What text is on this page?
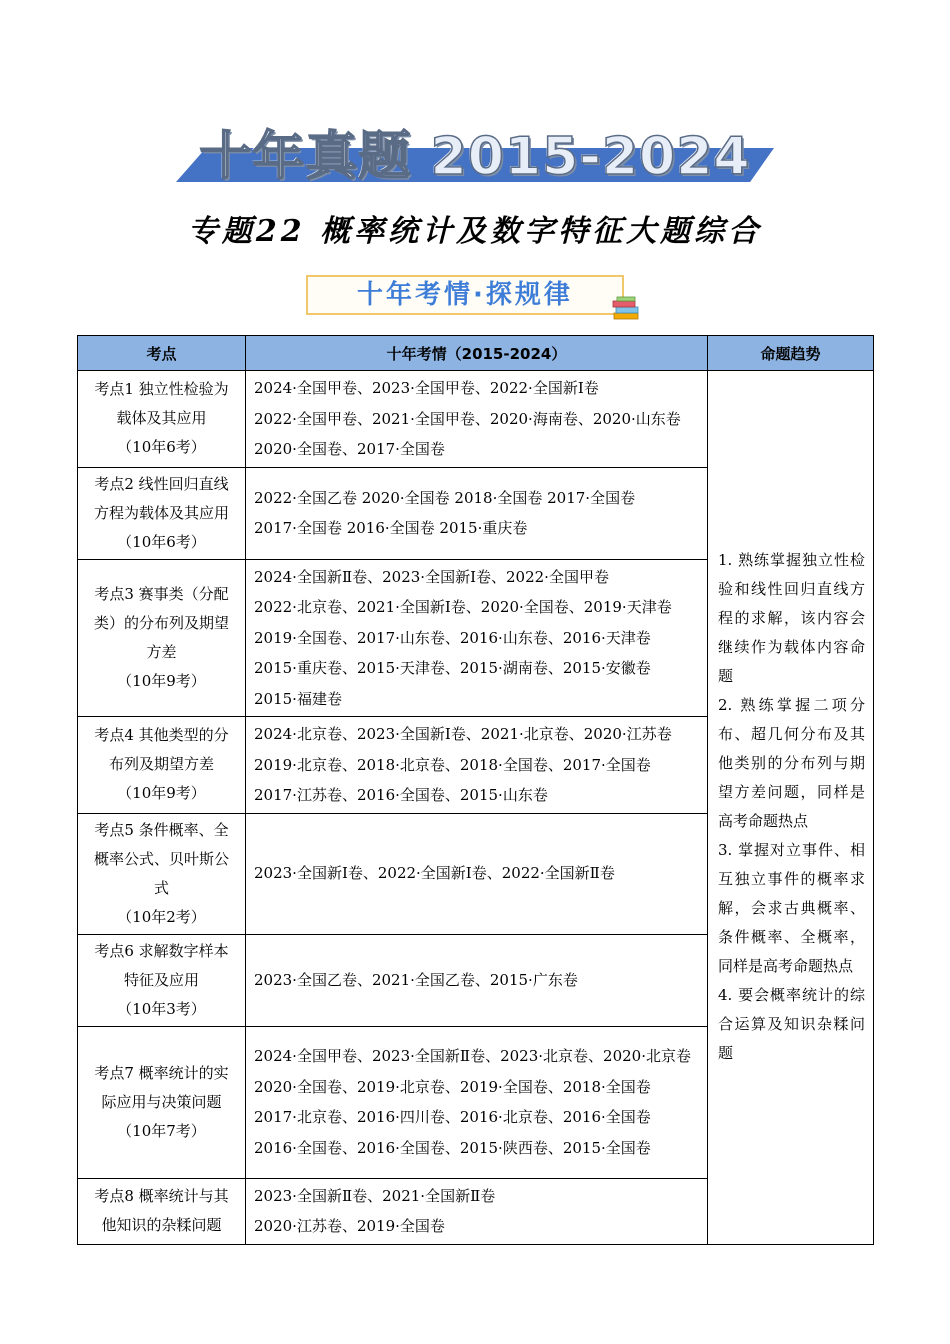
十年真题 2015-2024
专题22 概率统计及数字特征大题综合
十年考情·探规律
考点	十年考情（2015-2024）	命题趋势

考点1 独立性检验为
载体及其应用
（10年6考）	2024·全国甲卷、2023·全国甲卷、2022·全国新Ⅰ卷
2022·全国甲卷、2021·全国甲卷、2020·海南卷、2020·山东卷
2020·全国卷、2017·全国卷	1. 熟练掌握独立性检验和线性回归直线方程的求解，该内容会继续作为载体内容命题
2. 熟练掌握二项分布、超几何分布及其他类别的分布列与期望方差问题，同样是高考命题热点
3. 掌握对立事件、相互独立事件的概率求解，会求古典概率、条件概率、全概率，同样是高考命题热点
4. 要会概率统计的综合运算及知识杂糅问题

考点2 线性回归直线
方程为载体及其应用
（10年6考）	2022·全国乙卷 2020·全国卷 2018·全国卷 2017·全国卷
2017·全国卷 2016·全国卷 2015·重庆卷	

考点3 赛事类（分配
类）的分布列及期望
方差
（10年9考）	2024·全国新Ⅱ卷、2023·全国新Ⅰ卷、2022·全国甲卷
2022·北京卷、2021·全国新Ⅰ卷、2020·全国卷、2019·天津卷
2019·全国卷、2017·山东卷、2016·山东卷、2016·天津卷
2015·重庆卷、2015·天津卷、2015·湖南卷、2015·安徽卷
2015·福建卷	

考点4 其他类型的分
布列及期望方差
（10年9考）	2024·北京卷、2023·全国新Ⅰ卷、2021·北京卷、2020·江苏卷
2019·北京卷、2018·北京卷、2018·全国卷、2017·全国卷
2017·江苏卷、2016·全国卷、2015·山东卷	

考点5 条件概率、全
概率公式、贝叶斯公
式
（10年2考）	2023·全国新Ⅰ卷、2022·全国新Ⅰ卷、2022·全国新Ⅱ卷	

考点6 求解数字样本
特征及应用
（10年3考）	2023·全国乙卷、2021·全国乙卷、2015·广东卷	

考点7 概率统计的实
际应用与决策问题
（10年7考）	2024·全国甲卷、2023·全国新Ⅱ卷、2023·北京卷、2020·北京卷
2020·全国卷、2019·北京卷、2019·全国卷、2018·全国卷
2017·北京卷、2016·四川卷、2016·北京卷、2016·全国卷
2016·全国卷、2016·全国卷、2015·陕西卷、2015·全国卷	

考点8 概率统计与其
他知识的杂糅问题	2023·全国新Ⅱ卷、2021·全国新Ⅱ卷
2020·江苏卷、2019·全国卷	
